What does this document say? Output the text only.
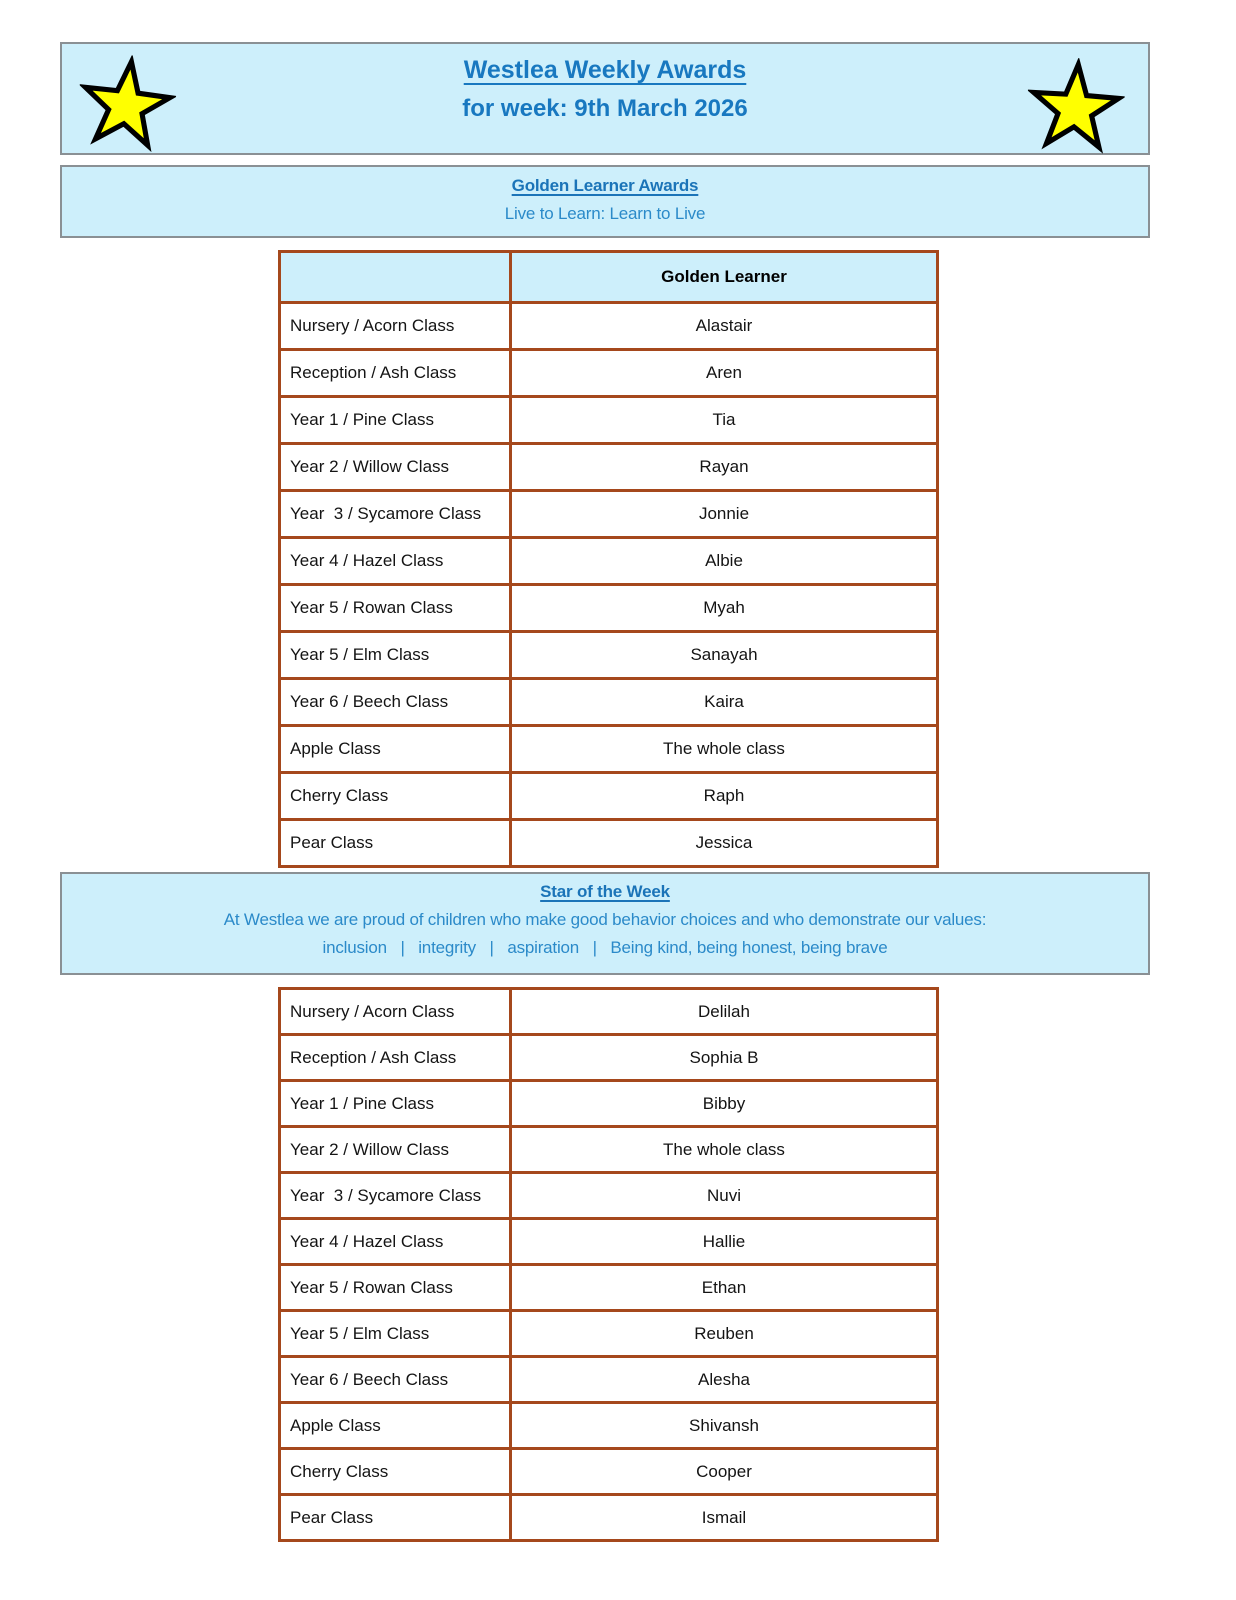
Westlea Weekly Awards
for week: 9th March 2026
Golden Learner Awards
Live to Learn: Learn to Live
	Golden Learner
Nursery / Acorn Class	Alastair
Reception / Ash Class	Aren
Year 1 / Pine Class	Tia
Year 2 / Willow Class	Rayan
Year  3 / Sycamore Class	Jonnie
Year 4 / Hazel Class	Albie
Year 5 / Rowan Class	Myah
Year 5 / Elm Class	Sanayah
Year 6 / Beech Class	Kaira
Apple Class	The whole class
Cherry Class	Raph
Pear Class	Jessica
Star of the Week
At Westlea we are proud of children who make good behavior choices and who demonstrate our values:
inclusion   |   integrity   |   aspiration   |   Being kind, being honest, being brave
Nursery / Acorn Class	Delilah
Reception / Ash Class	Sophia B
Year 1 / Pine Class	Bibby
Year 2 / Willow Class	The whole class
Year  3 / Sycamore Class	Nuvi
Year 4 / Hazel Class	Hallie
Year 5 / Rowan Class	Ethan
Year 5 / Elm Class	Reuben
Year 6 / Beech Class	Alesha
Apple Class	Shivansh
Cherry Class	Cooper
Pear Class	Ismail
